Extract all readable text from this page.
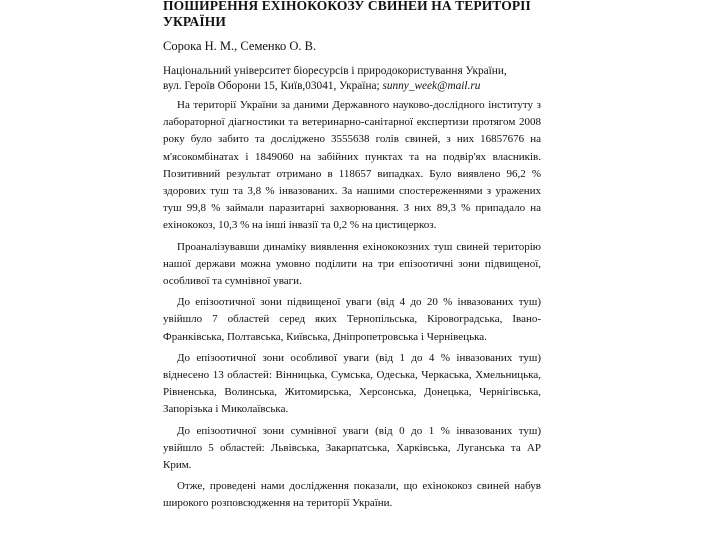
ПОШИРЕННЯ ЕХІНОКОКОЗУ СВИНЕЙ НА ТЕРИТОРІЇ УКРАЇНИ
Сорока Н. М., Семенко О. В.
Національний університет біоресурсів і природокористування України,
вул. Героїв Оборони 15, Київ,03041, Україна; sunny_week@mail.ru

На території України за даними Державного науково-дослідного інституту з лабораторної діагностики та ветеринарно-санітарної експертизи протягом 2008 року було забито та досліджено 3555638 голів свиней, з них 16857676 на м'ясокомбінатах і 1849060 на забійних пунктах та на подвір'ях власників. Позитивний результат отримано в 118657 випадках. Було виявлено 96,2 % здорових туш та 3,8 % інвазованих. За нашими спостереженнями з уражених туш 99,8 % займали паразитарні захворювання. З них 89,3 % припадало на ехінококоз, 10,3 % на інші інвазії та 0,2 % на цистицеркоз.

Проаналізувавши динаміку виявлення ехінококозних туш свиней територію нашої держави можна умовно поділити на три епізоотичні зони підвищеної, особливої та сумнівної уваги.

До епізоотичної зони підвищеної уваги (від 4 до 20 % інвазованих туш) увійшло 7 областей серед яких Тернопільська, Кіровоградська, Івано-Франківська, Полтавська, Київська, Дніпропетровська і Чернівецька.

До епізоотичної зони особливої уваги (від 1 до 4 % інвазованих туш) віднесено 13 областей: Вінницька, Сумська, Одеська, Черкаська, Хмельницька, Рівненська, Волинська, Житомирська, Херсонська, Донецька, Чернігівська, Запорізька і Миколаївська.

До епізоотичної зони сумнівної уваги (від 0 до 1 % інвазованих туш) увійшло 5 областей: Львівська, Закарпатська, Харківська, Луганська та АР Крим.

Отже, проведені нами дослідження показали, що ехінококоз свиней набув широкого розповсюдження на території України.
